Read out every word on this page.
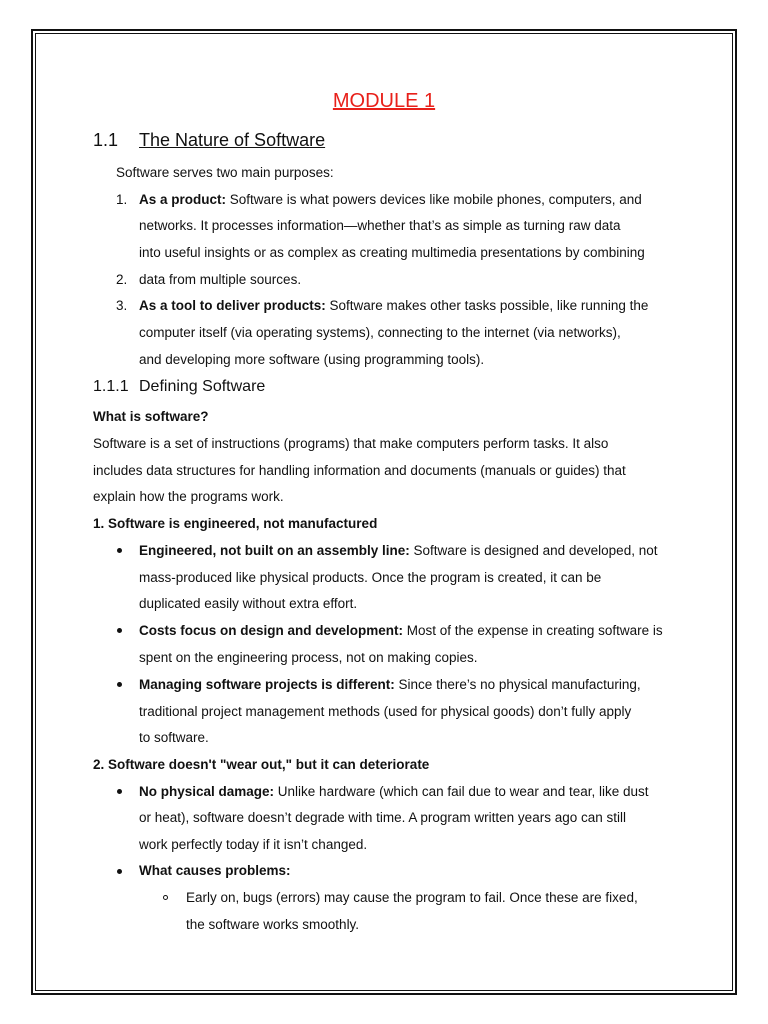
MODULE 1
1.1 The Nature of Software
Software serves two main purposes:
1. As a product: Software is what powers devices like mobile phones, computers, and
networks. It processes information—whether that’s as simple as turning raw data
into useful insights or as complex as creating multimedia presentations by combining
2. data from multiple sources.
3. As a tool to deliver products: Software makes other tasks possible, like running the
computer itself (via operating systems), connecting to the internet (via networks),
and developing more software (using programming tools).
1.1.1 Defining Software
What is software?
Software is a set of instructions (programs) that make computers perform tasks. It also
includes data structures for handling information and documents (manuals or guides) that
explain how the programs work.
1. Software is engineered, not manufactured
Engineered, not built on an assembly line: Software is designed and developed, not
mass-produced like physical products. Once the program is created, it can be
duplicated easily without extra effort.
Costs focus on design and development: Most of the expense in creating software is
spent on the engineering process, not on making copies.
Managing software projects is different: Since there’s no physical manufacturing,
traditional project management methods (used for physical goods) don’t fully apply
to software.
2. Software doesn't "wear out," but it can deteriorate
No physical damage: Unlike hardware (which can fail due to wear and tear, like dust
or heat), software doesn’t degrade with time. A program written years ago can still
work perfectly today if it isn’t changed.
What causes problems:
Early on, bugs (errors) may cause the program to fail. Once these are fixed,
the software works smoothly.
